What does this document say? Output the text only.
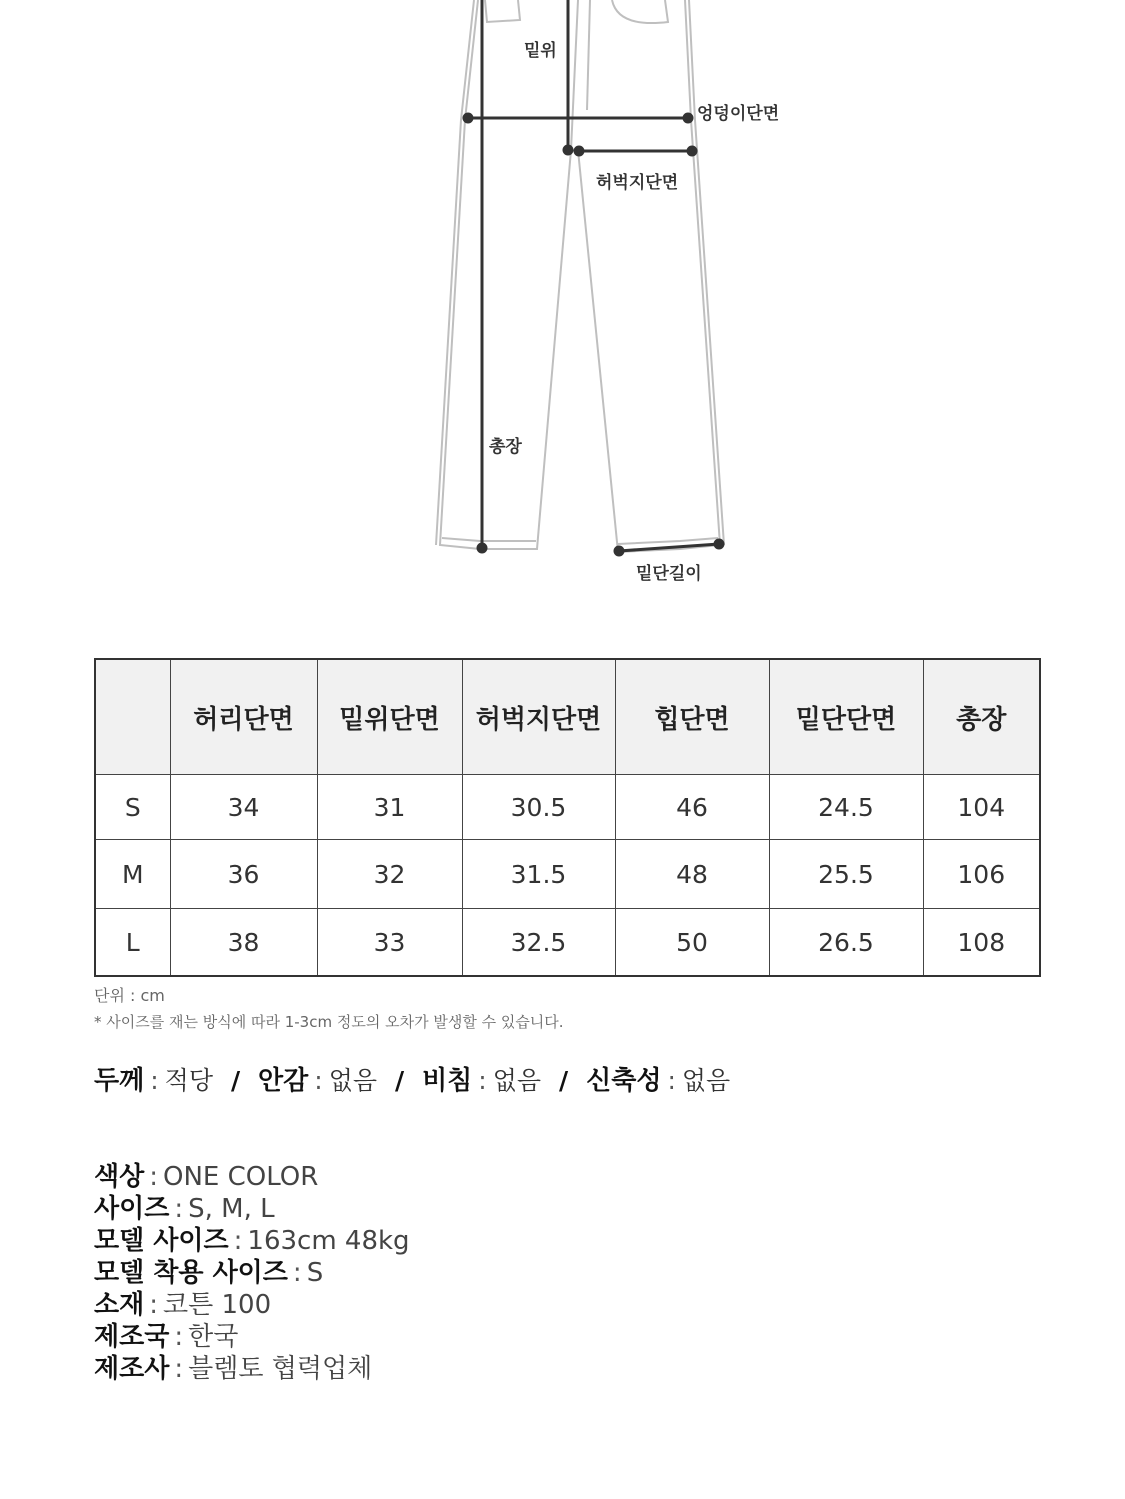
밑위
엉덩이단면
허벅지단면
총장
밑단길이
	허리단면	밑위단면	허벅지단면	힙단면	밑단단면	총장
S	34	31	30.5	46	24.5	104
M	36	32	31.5	48	25.5	106
L	38	33	32.5	50	26.5	108
단위 : cm
* 사이즈를 재는 방식에 따라 1-3cm 정도의 오차가 발생할 수 있습니다.
두께 : 적당 / 안감 : 없음 / 비침 : 없음 / 신축성 : 없음
색상 : ONE COLOR
사이즈 : S, M, L
모델 사이즈 : 163cm 48kg
모델 착용 사이즈 : S
소재 : 코튼 100
제조국 : 한국
제조사 : 블렘토 협력업체
